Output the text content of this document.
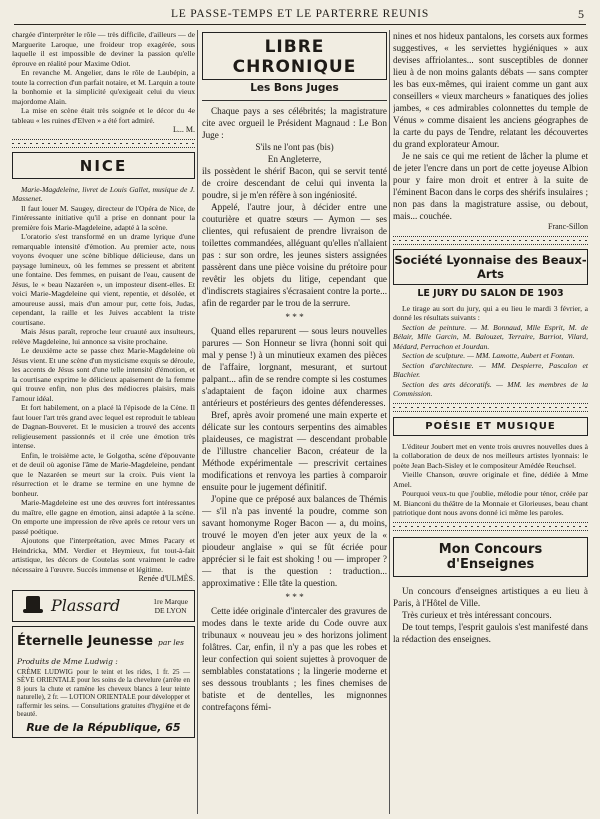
LE PASSE-TEMPS ET LE PARTERRE REUNIS	5

chargée d'interpréter le rôle — très difficile, d'ailleurs — de Marguerite Laroque, une froideur trop exagérée, sous laquelle il est impossible de deviner la passion qu'elle éprouve en réalité pour Maxime Odiot.

En revanche M. Angelier, dans le rôle de Laubépin, a toute la correction d'un parfait notaire, et M. Larquin a toute la bonhomie et la simplicité qu'exigeait celui du vieux majordome Alain.

La mise en scène était très soignée et le décor du 4e tableau « les ruines d'Elven » a été fort admiré.

L... M.

NICE

Marie-Magdeleine, livret de Louis Gallet, musique de J. Massenet.

Il faut louer M. Saugey, directeur de l'Opéra de Nice, de l'intéressante initiative qu'il a prise en donnant pour la première fois Marie-Magdeleine, adapté à la scène.

L'oratorio s'est transformé en un drame lyrique d'une remarquable intensité d'émotion. Au premier acte, nous voyons évoquer une scène biblique délicieuse, dans un paysage lumineux, où les femmes se pressent et abritent une fontaine. Des femmes, en puisant de l'eau, causent de Jésus, le « beau Nazaréen », un imposteur disent-elles. Et voici Marie-Magdeleine qui vient, repentie, et désolée, et amoureuse aussi, mais d'un amour pur, cette fois, Judas, cependant, la raille et les Juives accablent la triste courtisane.

Mais Jésus paraît, reproche leur cruauté aux insulteurs, relève Magdeleine, lui annonce sa visite prochaine.

Le deuxième acte se passe chez Marie-Magdeleine où Jésus vient. Et une scène d'un mysticisme exquis se déroule, les accents de Jésus sont d'une telle intensité d'émotion, et la courtisane exprime le délicieux apaisement de la femme qui trouve enfin, non plus des médiocres plaisirs, mais l'amour idéal.

Et fort habilement, on a placé là l'épisode de la Cène. Il faut louer l'art très grand avec lequel est reproduit le tableau de Dagnan-Bouveret. Et le musicien a trouvé des accents religieusement passionnés et il crée une émotion très intense.

Enfin, le troisième acte, le Golgotha, scène d'épouvante et de deuil où agonise l'âme de Marie-Magdeleine, pendant que le Nazaréen se meurt sur la croix. Puis vient la résurrection et le drame se termine en une hymne de bonheur.

Marie-Magdeleine est une des œuvres fort intéressantes du maître, elle gagne en émotion, ainsi adaptée à la scène. On emporte une impression de rêve après ce retour vers un passé poétique.

Ajoutons que l'interprétation, avec Mmes Pacary et Heindricka, MM. Verdier et Heymieux, fut tout-à-fait artistique, les décors de Coutelas sont vraiment le cadre nécessaire à l'œuvre. Succès immense et légitime.

Renée d'ULMÈS.

Plassard	1re Marque
DE LYON
Éternelle Jeunesse par les Produits de Mme Ludwig :

CRÈME LUDWIG pour le teint et les rides, 1 fr. 25 — SÈVE ORIENTALE pour les soins de la chevelure (arrête en 8 jours la chute et ramène les cheveux blancs à leur teinte naturelle), 2 fr. — LOTION ORIENTALE pour développer et raffermir les seins. — Consultations gratuites d'hygiène et de beauté.

Rue de la République, 65
LIBRE CHRONIQUE
Les Bons Juges

Chaque pays a ses célébrités; la magistrature cite avec orgueil le Président Magnaud : Le Bon Juge :

S'ils ne l'ont pas (bis)

En Angleterre,

ils possèdent le shérif Bacon, qui se servit tenté de croire descendant de celui qui inventa la poudre, si je m'en réfère à son ingéniosité.

Appelé, l'autre jour, à décider entre une couturière et quatre sœurs — Aymon — ses clientes, qui refusaient de prendre livraison de toilettes commandées, alléguant qu'elles n'allaient pas : sur son ordre, les jeunes sisters assignées passèrent dans une pièce voisine du prétoire pour revêtir les objets du litige, cependant que d'indiscrets stagiaires s'écrasaient contre la porte... afin de regarder par le trou de la serrure.

* * *

Quand elles reparurent — sous leurs nouvelles parures — Son Honneur se livra (honni soit qui mal y pense !) à un minutieux examen des pièces de l'affaire, lorgnant, mesurant, et surtout palpant... afin de se rendre compte si les costumes s'adaptaient de façon idoine aux charmes antérieurs et postérieurs des gentes défenderesses.

Bref, après avoir promené une main experte et délicate sur les contours serpentins des aimables plaideuses, ce magistrat — descendant probable de l'illustre chancelier Bacon, créateur de la Méthode expérimentale — prescrivit certaines modifications et renvoya les parties à comparoir ensuite pour le jugement définitif.

J'opine que ce préposé aux balances de Thémis — s'il n'a pas inventé la poudre, comme son savant homonyme Roger Bacon — a, du moins, trouvé le moyen d'en jeter aux yeux de la « pioudeur anglaise » qui se fût écriée pour apprécier si le fait est shoking ! ou — improper ? — that is the question : traduction... approximative : Elle tâte la question.

* * *

Cette idée originale d'intercaler des gravures de modes dans le texte aride du Code ouvre aux tribunaux « nouveau jeu » des horizons joliment folâtres. Car, enfin, il n'y a pas que les robes et leur confection qui soient sujettes à provoquer de semblables constatations ; la lingerie moderne et ses dessous troublants ; les fines chemises de batiste et de dentelles, les mignonnes contrefaçons fémi-

nines et nos hideux pantalons, les corsets aux formes suggestives, « les serviettes hygiéniques » aux devises affriolantes... sont susceptibles de donner lieu à de non moins galants débats — sans compter les bas eux-mêmes, qui iraient comme un gant aux conseillers « vieux marcheurs » fanatiques des jolies jambes, « ces admirables colonnettes du temple de Vénus » comme disaient les anciens géographes de la carte du pays de Tendre, relatant les découvertes du grand explorateur Amour.

Je ne sais ce qui me retient de lâcher la plume et de jeter l'encre dans un port de cette joyeuse Albion pour y faire mon droit et entrer à la suite de l'éminent Bacon dans le corps des shérifs insulaires ; non pas dans la magistrature assise, ou debout, mais... couchée.

Franc-Sillon

Société Lyonnaise des Beaux-Arts
LE JURY DU SALON DE 1903

Le tirage au sort du jury, qui a eu lieu le mardi 3 février, a donné les résultats suivants :

Section de peinture. — M. Bonnaud, Mlle Esprit, M. de Bélair, Mlle Garcin, M. Balouzet, Terraire, Barriot, Vilard, Médard, Perrachon et Jourdan.

Section de sculpture. — MM. Lamotte, Aubert et Fontan.

Section d'architecture. — MM. Despierre, Pascalon et Blachier.

Section des arts décoratifs. — MM. les membres de la Commission.

POÉSIE ET MUSIQUE

L'éditeur Joubert met en vente trois œuvres nouvelles dues à la collaboration de deux de nos meilleurs artistes lyonnais: le poète Jean Bach-Sisley et le compositeur Amédée Reuchsel.

Vieille Chanson, œuvre originale et fine, dédiée à Mme Amel.

Pourquoi veux-tu que j'oublie, mélodie pour ténor, créée par M. Bianconi du théâtre de la Monnaie et Glorieuses, beau chant patriotique dont nous avons donné ici même les paroles.

Mon Concours d'Enseignes

Un concours d'enseignes artistiques a eu lieu à Paris, à l'Hôtel de Ville.

Très curieux et très intéressant concours.

De tout temps, l'esprit gaulois s'est manifesté dans la rédaction des enseignes.
